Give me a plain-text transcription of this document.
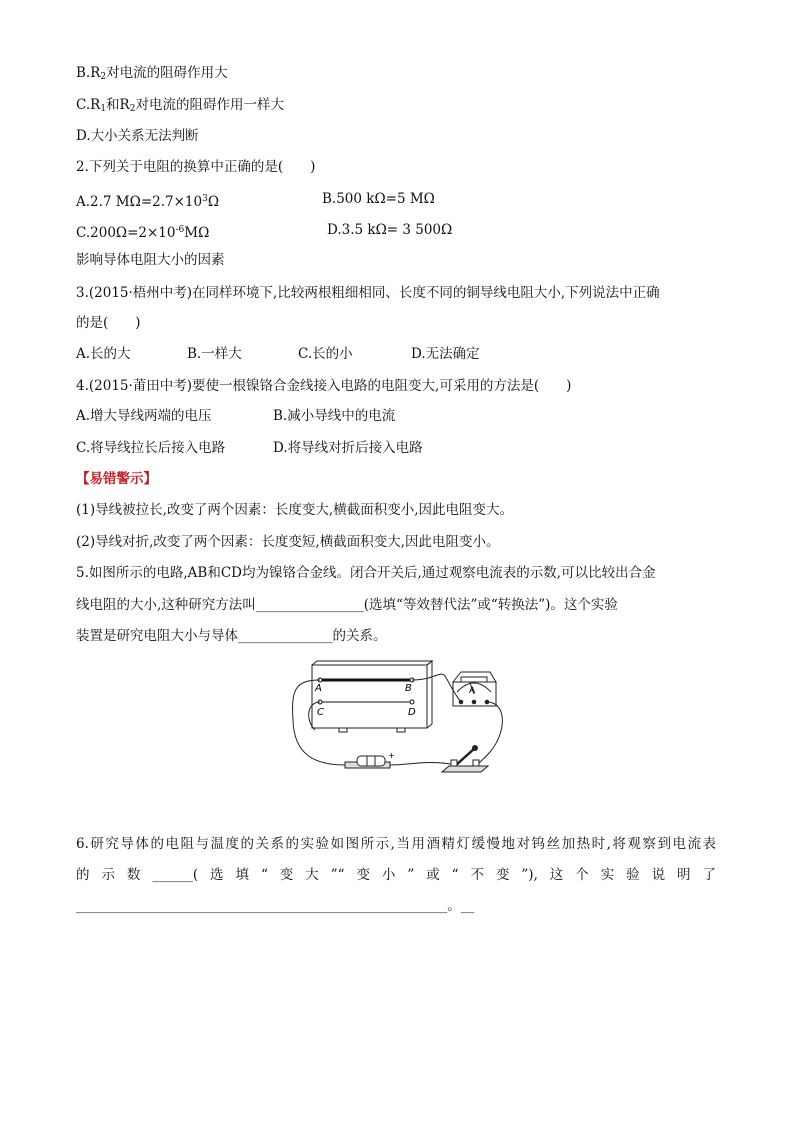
$B.R_2$对电流的阻碍作用大
$C.R_1$和$R_2$对电流的阻碍作用一样大
D.大小关系无法判断
2.下列关于电阻的换算中正确的是(　　)
A.2.7 $M\Omega=2.7\times 10^3\Omega$	B.500 kΩ=5 MΩ
$C.200\Omega=2\times 10^{-6}M\Omega$	D.3.5 kΩ= 3 500Ω
影响导体电阻大小的因素
3.(2015·梧州中考)在同样环境下,比较两根粗细相同、长度不同的铜导线电阻大小,下列说法中正确
的是(　　)
A.长的大	B.一样大	C.长的小	D.无法确定
4.(2015·莆田中考)要使一根镍铬合金线接入电路的电阻变大,可采用的方法是(　　)
A.增大导线两端的电压	B.减小导线中的电流
C.将导线拉长后接入电路	D.将导线对折后接入电路
【易错警示】
(1)导线被拉长,改变了两个因素：长度变大,横截面积变小,因此电阻变大。
(2)导线对折,改变了两个因素：长度变短,横截面积变大,因此电阻变小。
5.如图所示的电路,AB和CD均为镍铬合金线。闭合开关后,通过观察电流表的示数,可以比较出合金
线电阻的大小,这种研究方法叫________________(选填“等效替代法”或“转换法”)。这个实验
装置是研究电阻大小与导体______________的关系。
A	B
C	D
A
+
6.研究导体的电阻与温度的关系的实验如图所示,当用酒精灯缓慢地对钨丝加热时,将观察到电流表
的示数______(选填“变大”“变小”或“不变”),这个实验说明了
_______________________________________________________。__
